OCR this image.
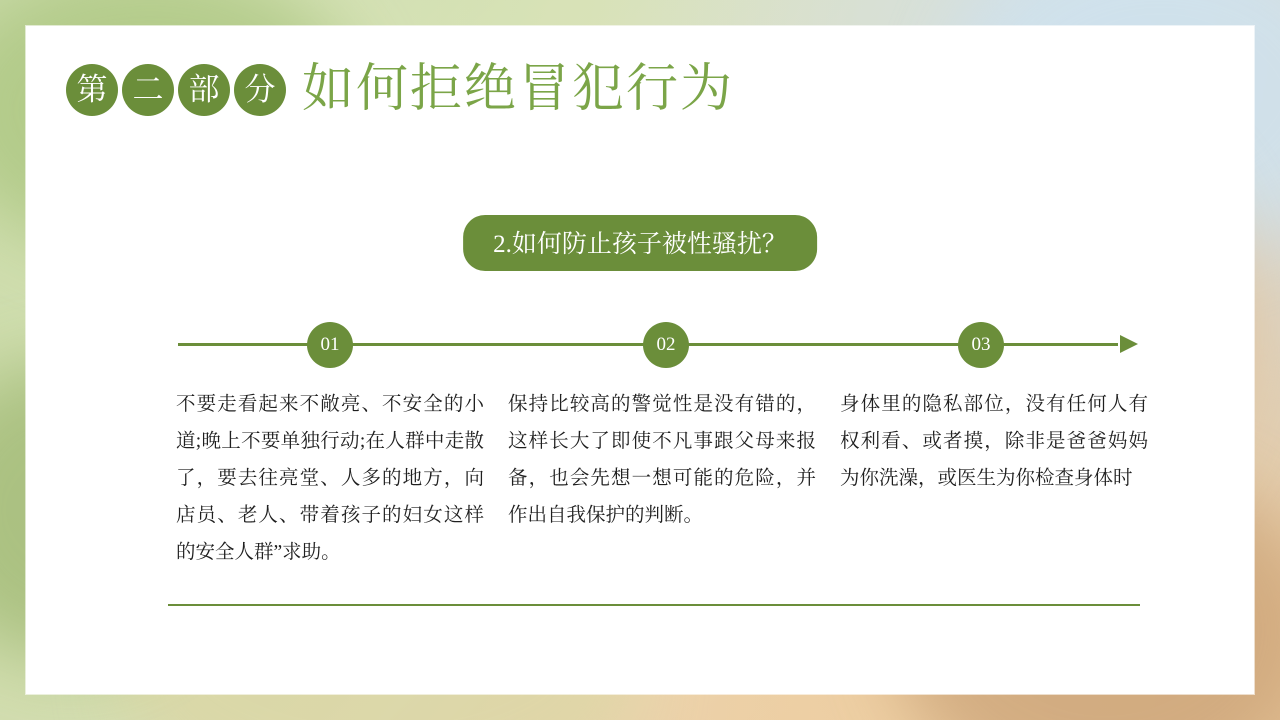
第 二 部 分 如何拒绝冒犯行为
2.如何防止孩子被性骚扰？
01	02	03
不要走看起来不敞亮、不安全的小道;晚上不要单独行动;在人群中走散了，要去往亮堂、人多的地方，向店员、老人、带着孩子的妇女这样的安全人群”求助。
保持比较高的警觉性是没有错的，这样长大了即使不凡事跟父母来报备，也会先想一想可能的危险，并作出自我保护的判断。
身体里的隐私部位，没有任何人有权利看、或者摸，除非是爸爸妈妈为你洗澡，或医生为你检查身体时
